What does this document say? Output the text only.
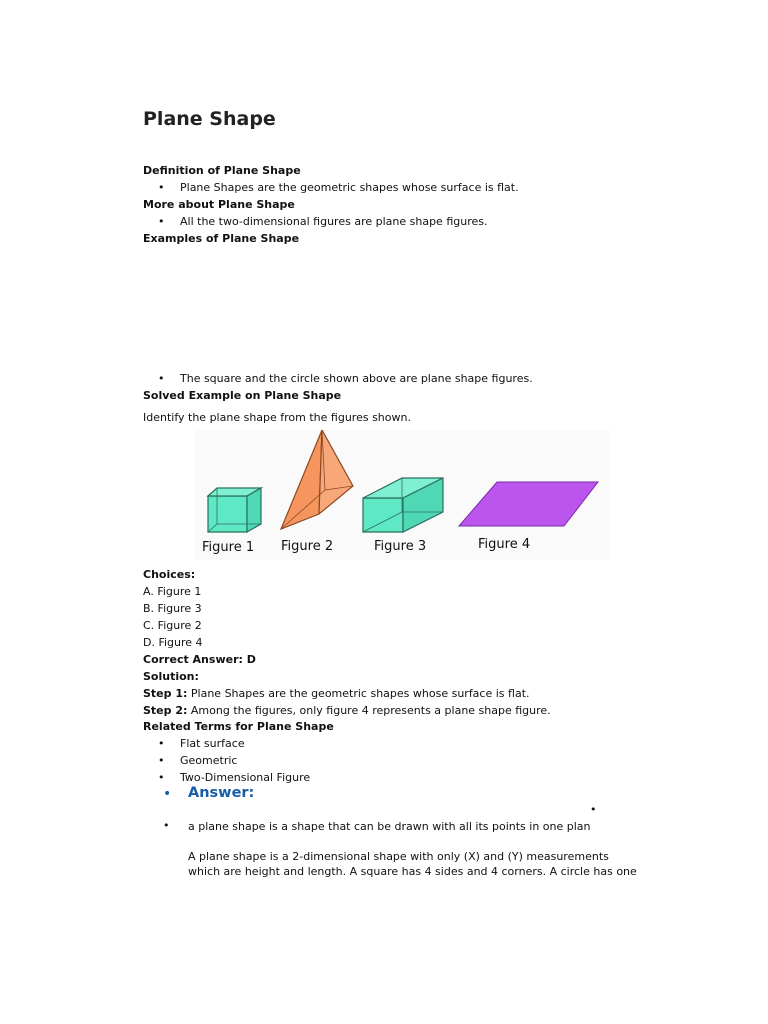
Plane Shape
Definition of Plane Shape
• Plane Shapes are the geometric shapes whose surface is flat.
More about Plane Shape
• All the two-dimensional figures are plane shape figures.
Examples of Plane Shape
• The square and the circle shown above are plane shape figures.
Solved Example on Plane Shape
Identify the plane shape from the figures shown.
Figure 1 Figure 2	Figure 3	Figure 4
Choices:
A. Figure 1
B. Figure 3
C. Figure 2
D. Figure 4
Correct Answer: D
Solution:
Step 1: Plane Shapes are the geometric shapes whose surface is flat.
Step 2: Among the figures, only figure 4 represents a plane shape figure.
Related Terms for Plane Shape
• Flat surface
• Geometric
• Two-Dimensional Figure
• Answer:
•
• a plane shape is a shape that can be drawn with all its points in one plan
A plane shape is a 2-dimensional shape with only (X) and (Y) measurements
which are height and length. A square has 4 sides and 4 corners. A circle has one
